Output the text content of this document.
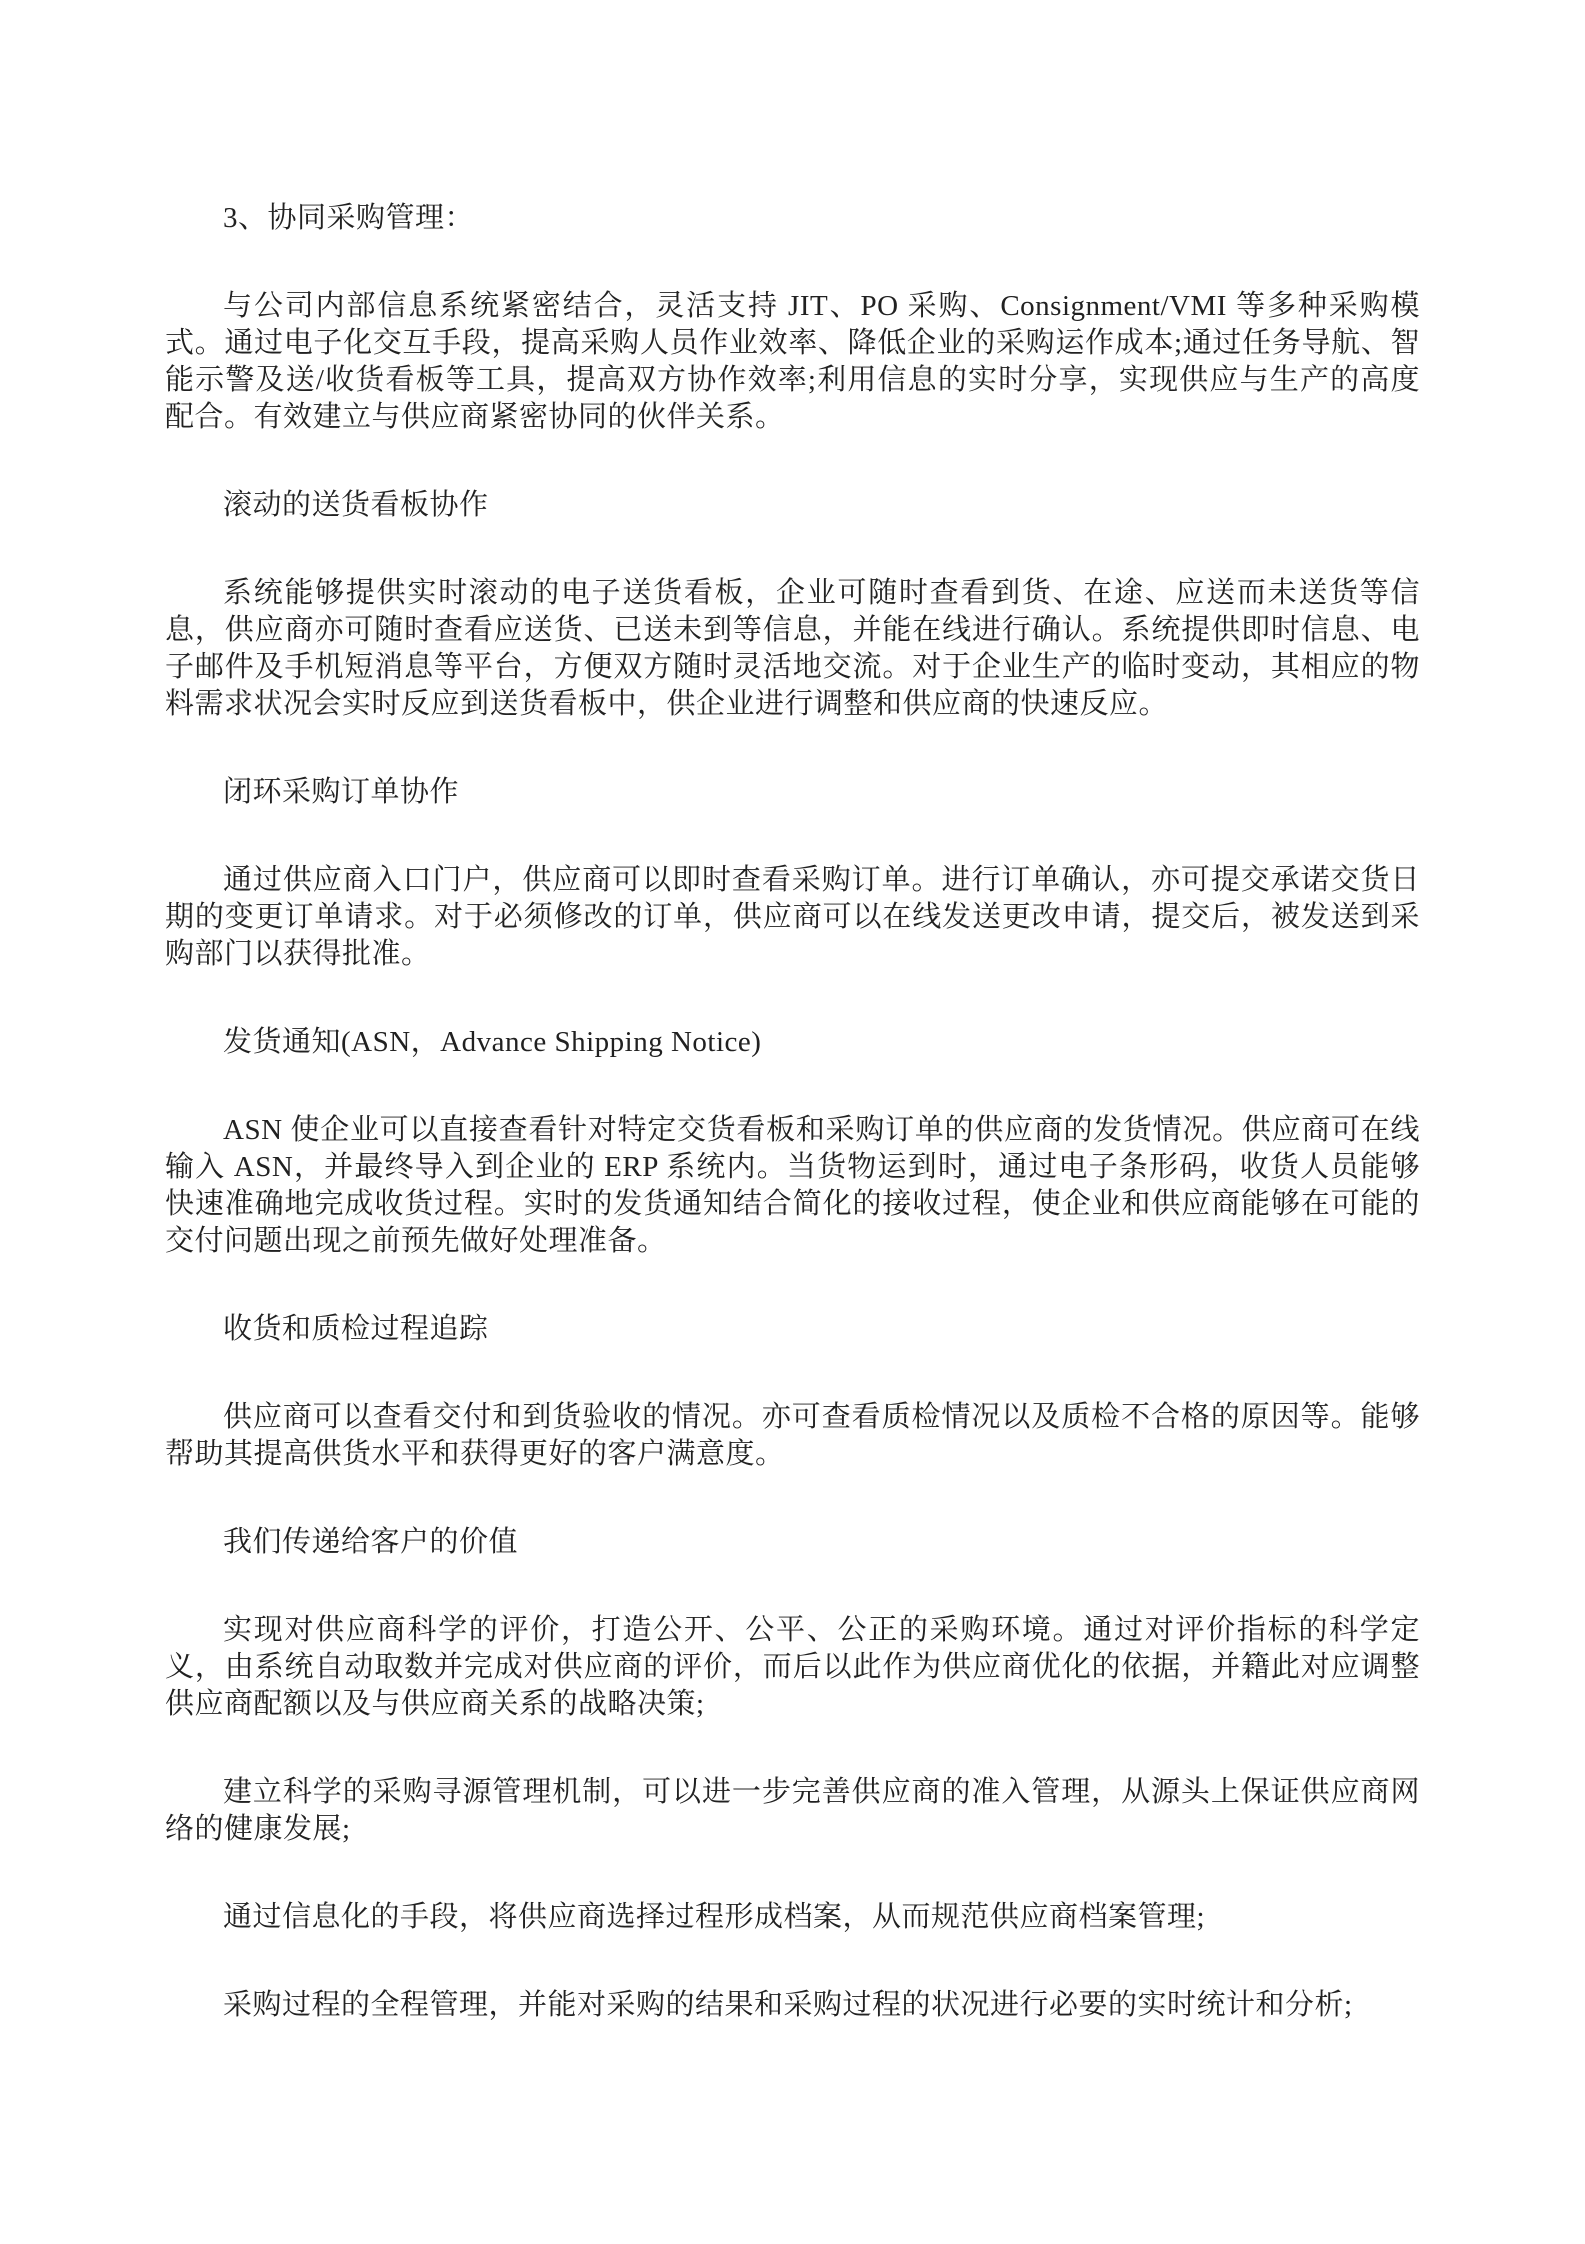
3、协同采购管理：

与公司内部信息系统紧密结合，灵活支持 JIT、PO 采购、Consignment/VMI 等多种采购模式。通过电子化交互手段，提高采购人员作业效率、降低企业的采购运作成本;通过任务导航、智能示警及送/收货看板等工具，提高双方协作效率;利用信息的实时分享，实现供应与生产的高度配合。有效建立与供应商紧密协同的伙伴关系。

滚动的送货看板协作

系统能够提供实时滚动的电子送货看板，企业可随时查看到货、在途、应送而未送货等信息，供应商亦可随时查看应送货、已送未到等信息，并能在线进行确认。系统提供即时信息、电子邮件及手机短消息等平台，方便双方随时灵活地交流。对于企业生产的临时变动，其相应的物料需求状况会实时反应到送货看板中，供企业进行调整和供应商的快速反应。

闭环采购订单协作

通过供应商入口门户，供应商可以即时查看采购订单。进行订单确认，亦可提交承诺交货日期的变更订单请求。对于必须修改的订单，供应商可以在线发送更改申请，提交后，被发送到采购部门以获得批准。

发货通知(ASN，Advance Shipping Notice)

ASN 使企业可以直接查看针对特定交货看板和采购订单的供应商的发货情况。供应商可在线输入 ASN，并最终导入到企业的 ERP 系统内。当货物运到时，通过电子条形码，收货人员能够快速准确地完成收货过程。实时的发货通知结合简化的接收过程，使企业和供应商能够在可能的交付问题出现之前预先做好处理准备。

收货和质检过程追踪

供应商可以查看交付和到货验收的情况。亦可查看质检情况以及质检不合格的原因等。能够帮助其提高供货水平和获得更好的客户满意度。

我们传递给客户的价值

实现对供应商科学的评价，打造公开、公平、公正的采购环境。通过对评价指标的科学定义，由系统自动取数并完成对供应商的评价，而后以此作为供应商优化的依据，并籍此对应调整供应商配额以及与供应商关系的战略决策;

建立科学的采购寻源管理机制，可以进一步完善供应商的准入管理，从源头上保证供应商网络的健康发展;

通过信息化的手段，将供应商选择过程形成档案，从而规范供应商档案管理;

采购过程的全程管理，并能对采购的结果和采购过程的状况进行必要的实时统计和分析;
